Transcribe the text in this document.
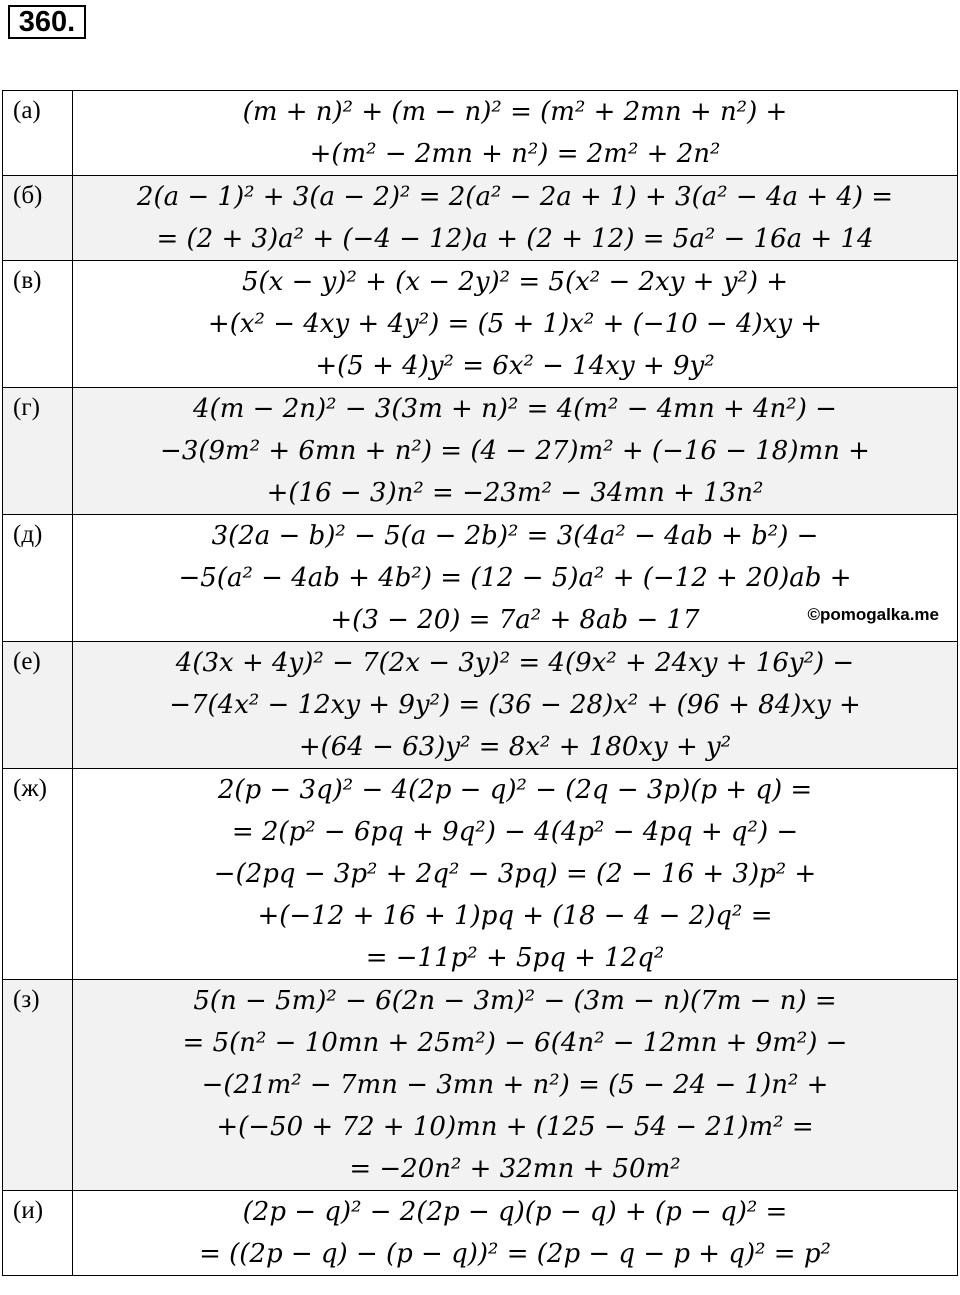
360.
(а)	(m + n)² + (m − n)² = (m² + 2mn + n²) +
+(m² − 2mn + n²) = 2m² + 2n²

(б)	2(a − 1)² + 3(a − 2)² = 2(a² − 2a + 1) + 3(a² − 4a + 4) =
= (2 + 3)a² + (−4 − 12)a + (2 + 12) = 5a² − 16a + 14

(в)	5(x − y)² + (x − 2y)² = 5(x² − 2xy + y²) +
+(x² − 4xy + 4y²) = (5 + 1)x² + (−10 − 4)xy +
+(5 + 4)y² = 6x² − 14xy + 9y²

(г)	4(m − 2n)² − 3(3m + n)² = 4(m² − 4mn + 4n²) −
−3(9m² + 6mn + n²) = (4 − 27)m² + (−16 − 18)mn +
+(16 − 3)n² = −23m² − 34mn + 13n²

(д)	3(2a − b)² − 5(a − 2b)² = 3(4a² − 4ab + b²) −
−5(a² − 4ab + 4b²) = (12 − 5)a² + (−12 + 20)ab +
+(3 − 20) = 7a² + 8ab − 17 ©pomogalka.me

(е)	4(3x + 4y)² − 7(2x − 3y)² = 4(9x² + 24xy + 16y²) −
−7(4x² − 12xy + 9y²) = (36 − 28)x² + (96 + 84)xy +
+(64 − 63)y² = 8x² + 180xy + y²

(ж)	2(p − 3q)² − 4(2p − q)² − (2q − 3p)(p + q) =
= 2(p² − 6pq + 9q²) − 4(4p² − 4pq + q²) −
−(2pq − 3p² + 2q² − 3pq) = (2 − 16 + 3)p² +
+(−12 + 16 + 1)pq + (18 − 4 − 2)q² =
= −11p² + 5pq + 12q²

(з)	5(n − 5m)² − 6(2n − 3m)² − (3m − n)(7m − n) =
= 5(n² − 10mn + 25m²) − 6(4n² − 12mn + 9m²) −
−(21m² − 7mn − 3mn + n²) = (5 − 24 − 1)n² +
+(−50 + 72 + 10)mn + (125 − 54 − 21)m² =
= −20n² + 32mn + 50m²

(и)	(2p − q)² − 2(2p − q)(p − q) + (p − q)² =
= ((2p − q) − (p − q))² = (2p − q − p + q)² = p²
